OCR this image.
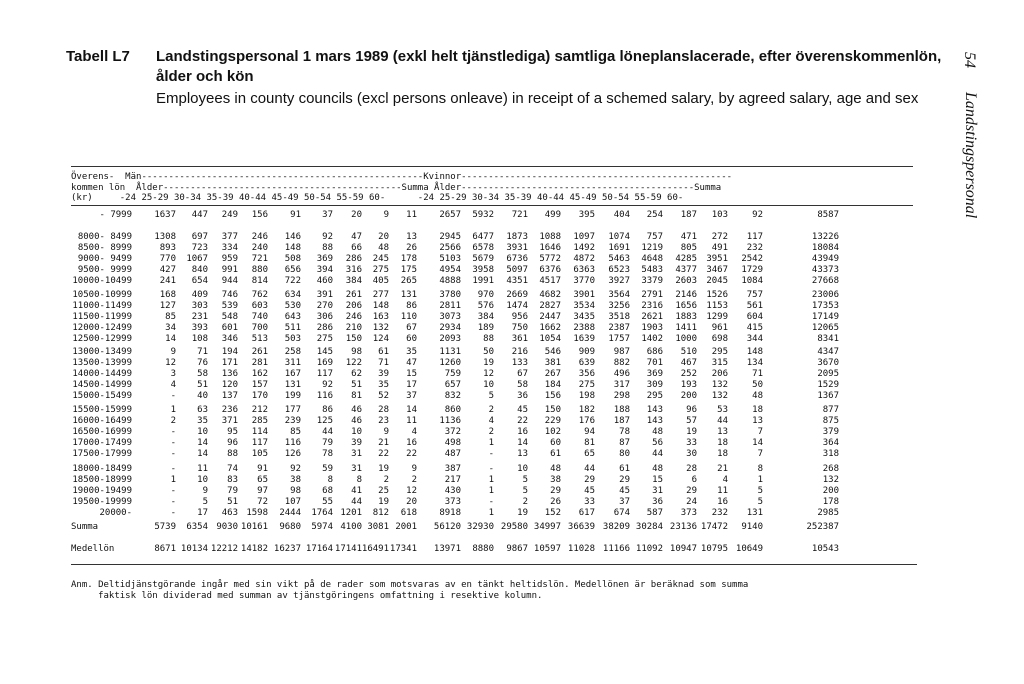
Tabell L7 Landstingspersonal 1 mars 1989 (exkl helt tjänstlediga) samtliga löneplanslacerade, efter överenskommenlön, ålder och kön
Employees in county councils (excl persons onleave) in receipt of a schemed salary, by agreed salary, age and sex
54
Landstingspersonal
Överens-  Män----------------------------------------------------Kvinnor--------------------------------------------------
kommen lön  Ålder--------------------------------------------Summa Ålder-------------------------------------------Summa
(kr)     -24 25-29 30-34 35-39 40-44 45-49 50-54 55-59 60-      -24 25-29 30-34 35-39 40-44 45-49 50-54 55-59 60-
- 7999 1637 447 249 156 91 37 20 9 11 2657 5932 721 499 395 404 254 187 103	92	8587
8000- 8499 1308 697 377 246 146 92 47 20 13 2945 6477 1873 1088 1097 1074 757 471 272 117	13226
8500- 8999	893 723 334 240 148 88 66 48 26 2566 6578 3931 1646 1492 1691 1219 805 491 232	18084
9000- 9499	770 1067 959 721 508 369 286 245 178 5103 5679 6736 5772 4872 5463 4648 4285 3951 2542	43949
9500- 9999	427 840 991 880 656 394 316 275 175 4954 3958 5097 6376 6363 6523 5483 4377 3467 1729	43373
10000-10499	241 654 944 814 722 460 384 405 265 4888 1991 4351 4517 3770 3927 3379 2603 2045 1084	27668
10500-10999	168 409 746 762 634 391 261 277 131 3780 970 2669 4682 3901 3564 2791 2146 1526 757	23006
11000-11499	127 303 539 603 530 270 206 148 86 2811 576 1474 2827 3534 3256 2316 1656 1153 561	17353
11500-11999	85 231 548 740 643 306 246 163 110 3073 384 956 2447 3435 3518 2621 1883 1299 604	17149
12000-12499	34 393 601 700 511 286 210 132 67 2934 189 750 1662 2388 2387 1903 1411 961 415	12065
12500-12999	14 108 346 513 503 275 150 124 60 2093 88 361 1054 1639 1757 1402 1000 698 344	8341
13000-13499	9 71 194 261 258 145 98 61 35 1131 50 216 546 909 987 686 510 295 148	4347
13500-13999	12 76 171 281 311 169 122 71 47 1260 19 133 381 639 882 701 467 315 134	3670
14000-14499	3 58 136 162 167 117 62 39 15	759 12	67 267 356 496 369 252 206	71	2095
14500-14999	4 51 120 157 131 92 51 35 17	657 10	58 184 275 317 309 193 132	50	1529
15000-15499	- 40 137 170 199 116 81 52 37	832	5	36 156 198 298 295 200 132	48	1367
15500-15999	1 63 236 212 177 86 46 28 14	860	2	45 150 182 188 143	96 53	18	877
16000-16499	2 35 371 285 239 125 46 23 11 1136	4	22 229 176 187 143	57 44	13	875
16500-16999	- 10 95 114 85 44 10 9	4	372	2	16 102	94	78 48	19 13	7	379
17000-17499	- 14 96 117 116 79 39 21 16	498	1	14 60	81	87 56	33 18	14	364
17500-17999	- 14 88 105 126 78 31 22 22	487	-	13 61	65	80 44	30 18	7	318
18000-18499	- 11 74 91 92 59 31 19	9	387	-	10 48	44	61 48	28 21	8	268
18500-18999	1 10 83 65 38	8	8 2	2	217	1	5 38	29	29 15	6	4	1	132
19000-19499	-	9 79 97 98 68 41 25 12	430	1	5 29	45	45 31	29 11	5	200
19500-19999	-	5 51 72 107 55 44 19 20	373	-	2 26	33	37 36	24 16	5	178
20000-	- 17 463 1598 2444 1764 1201 812 618 8918	1	19 152 617 674 587 373 232 131	2985
Summa	5739 6354 9030 10161 9680 5974 4100 3081 2001 56120 32930 29580 34997 36639 38209 30284 23136 17472 9140	252387
Medellön	8671 10134 12212 14182 16237 17164 17141 16491 17341 13971 8880 9867 10597 11028 11166 11092 10947 10795 10649	10543
Anm. Deltidjänstgörande ingår med sin vikt på de rader som motsvaras av en tänkt heltidslön. Medellönen är beräknad som summa
faktisk lön dividerad med summan av tjänstgöringens omfattning i resektive kolumn.
